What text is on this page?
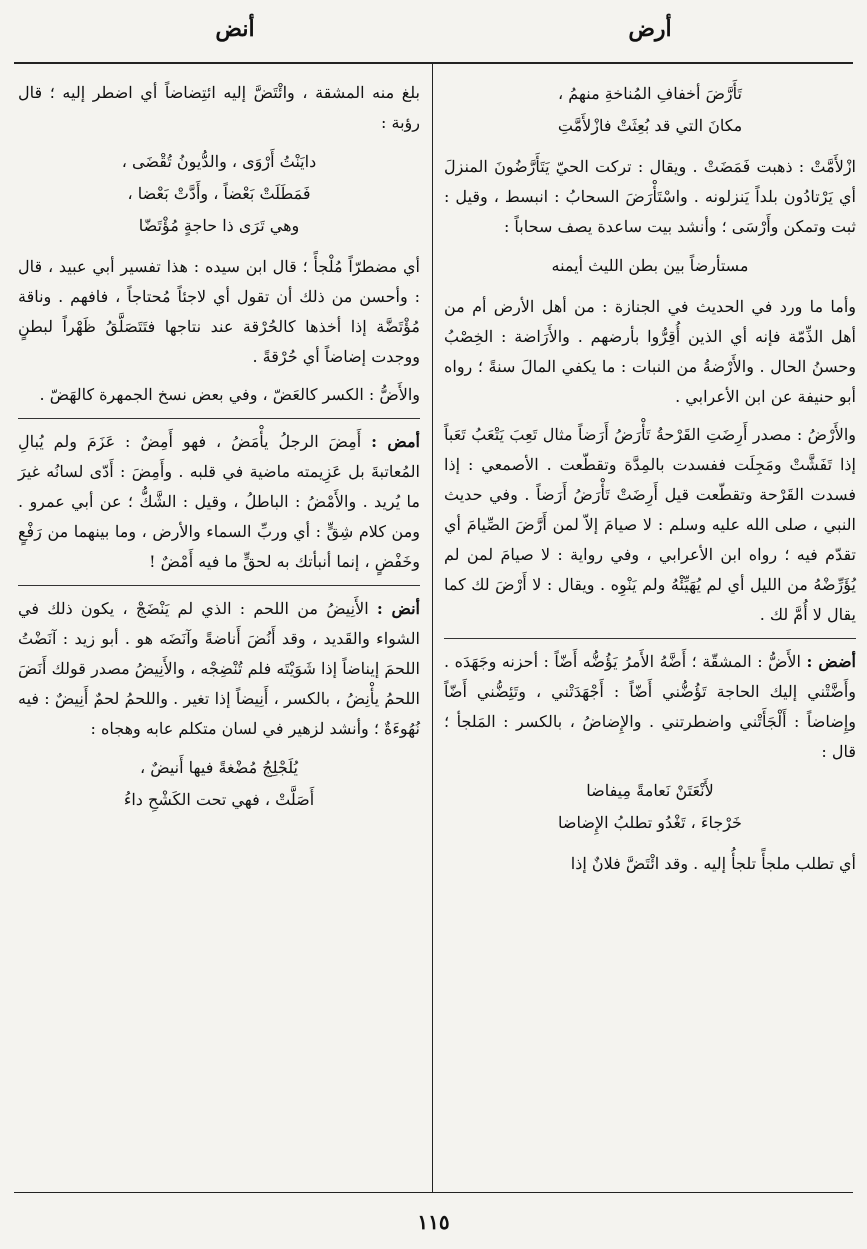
أرض
أنض
تَأَرَّضَ أخفافِ المُناخةِ منهمُ ،
مكانَ التي قد بُعِثَتْ فازْلأَمَّتِ

ازْلأَمَّتْ : ذهبت فَمَضَتْ . ويقال : تركت الحيّ يَتَأَرَّضُونَ المنزلَ أي يَرْتادُون بلداً يَنزلونه . واسْتَأْرَضَ السحابُ : انبسط ، وقيل : ثبت وتمكن وأَرْسَى ؛ وأنشد بيت ساعدة يصف سحاباً :

مستأرضاً بين بطن الليث أيمنه

وأما ما ورد في الحديث في الجنازة : من أهل الأرض أم من أهل الذِّمّة فإنه أي الذين أُقِرُّوا بأرضهم . والأَرَاضة : الخِصْبُ وحسنُ الحال . والأَرْضةُ من النبات : ما يكفي المالَ سنةً ؛ رواه أبو حنيفة عن ابن الأعرابي .

والأَرْضُ : مصدر أَرِضَتِ القَرْحةُ تَأْرَضُ أَرَضاً مثال تَعِبَ يَتْعَبُ تَعَباً إذا تَفَشَّتْ ومَجِلَت ففسدت بالمِدَّة وتقطّعت . الأصمعي : إذا فسدت القَرْحة وتقطّعت قيل أَرِضَتْ تَأْرَضُ أَرَضاً . وفي حديث النبي ، صلى الله عليه وسلم : لا صيامَ إلاّ لمن أَرَّضَ الصِّيامَ أي تقدّم فيه ؛ رواه ابن الأعرابي ، وفي رواية : لا صيامَ لمن لم يُؤَرِّضْهُ من الليل أي لم يُهَيِّئْهُ ولم يَنْوِه . ويقال : لا أَرْضَ لك كما يقال لا أُمَّ لك .

أضض : الأَضُّ : المشقّة ؛ أَضَّهُ الأَمرُ يَؤُضُّه أَضّاً : أحزنه وجَهَدَه . وأَضَّتْني إليك الحاجة تَؤُضُّني أَضّاً : أَجْهَدَتْني ، وتَئِضُّني أَضّاً وإِضاضاً : أَلْجَأَتْني واضطرتني . والإِضاضُ ، بالكسر : المَلجأ ؛ قال :

لأَنْعَتَنْ نَعامةً مِيفاضا
خَرْجاءَ ، تَغْدُو تطلبُ الإِضاضا

أي تطلب ملجأً تلجأُ إليه . وقد ائْتَضَّ فلانٌ إذا

بلغ منه المشقة ، وائْتَضَّ إليه ائتِضاضاً أي اضطر إليه ؛ قال رؤبة :

دايَنْتُ أَرْوَى ، والدُّيونُ تُقْضَى ،
فَمَطَلَتْ بَعْضاً ، وأَدَّتْ بَعْضا ،
وهي تَرَى ذا حاجةٍ مُؤْتَضّا

أي مضطرّاً مُلْجأً ؛ قال ابن سيده : هذا تفسير أبي عبيد ، قال : وأحسن من ذلك أن تقول أي لاجئاً مُحتاجاً ، فافهم . وناقة مُؤْتَضَّة إذا أخذها كالحُرْقة عند نتاجها فتَتَصَلَّقُ ظَهْراً لبطنٍ ووجدت إضاضاً أي حُرْقةً .

والأَضُّ : الكسر كالعَضّ ، وفي بعض نسخ الجمهرة كالهَضّ .

أمض : أَمِضَ الرجلُ يأْمَضُ ، فهو أَمِضٌ : عَزَمَ ولم يُبالِ المُعاتبةَ بل عَزِيمته ماضية في قلبه . وأَمِضَ : أَدّى لسانُه غيرَ ما يُريد . والأَمْضُ : الباطلُ ، وقيل : الشَّكُّ ؛ عن أبي عمرو . ومن كلام شِقٍّ : أي وربِّ السماء والأرض ، وما بينهما من رَفْعٍ وخَفْضٍ ، إنما أنبأتك به لحقٍّ ما فيه أَمْضٌ !

أنض : الأَنِيضُ من اللحم : الذي لم يَنْضَجْ ، يكون ذلك في الشواء والقَديد ، وقد أَنُضَ أَناضةً وآنَضَه هو . أبو زيد : آنَضْتُ اللحمَ إيناضاً إذا شَوَيْتَه فلم تُنْضِجْه ، والأَنِيضُ مصدر قولك أَنَضَ اللحمُ يأْنِضُ ، بالكسر ، أَنِيضاً إذا تغير . واللحمُ لحمٌ أَنِيضٌ : فيه نُهُوءَةٌ ؛ وأنشد لزهير في لسان متكلم عابه وهجاه :

يُلَجْلِجُ مُضْغةً فيها أَنيضٌ ،
أَصَلَّتْ ، فهي تحت الكَشْحِ داءُ
١١٥
